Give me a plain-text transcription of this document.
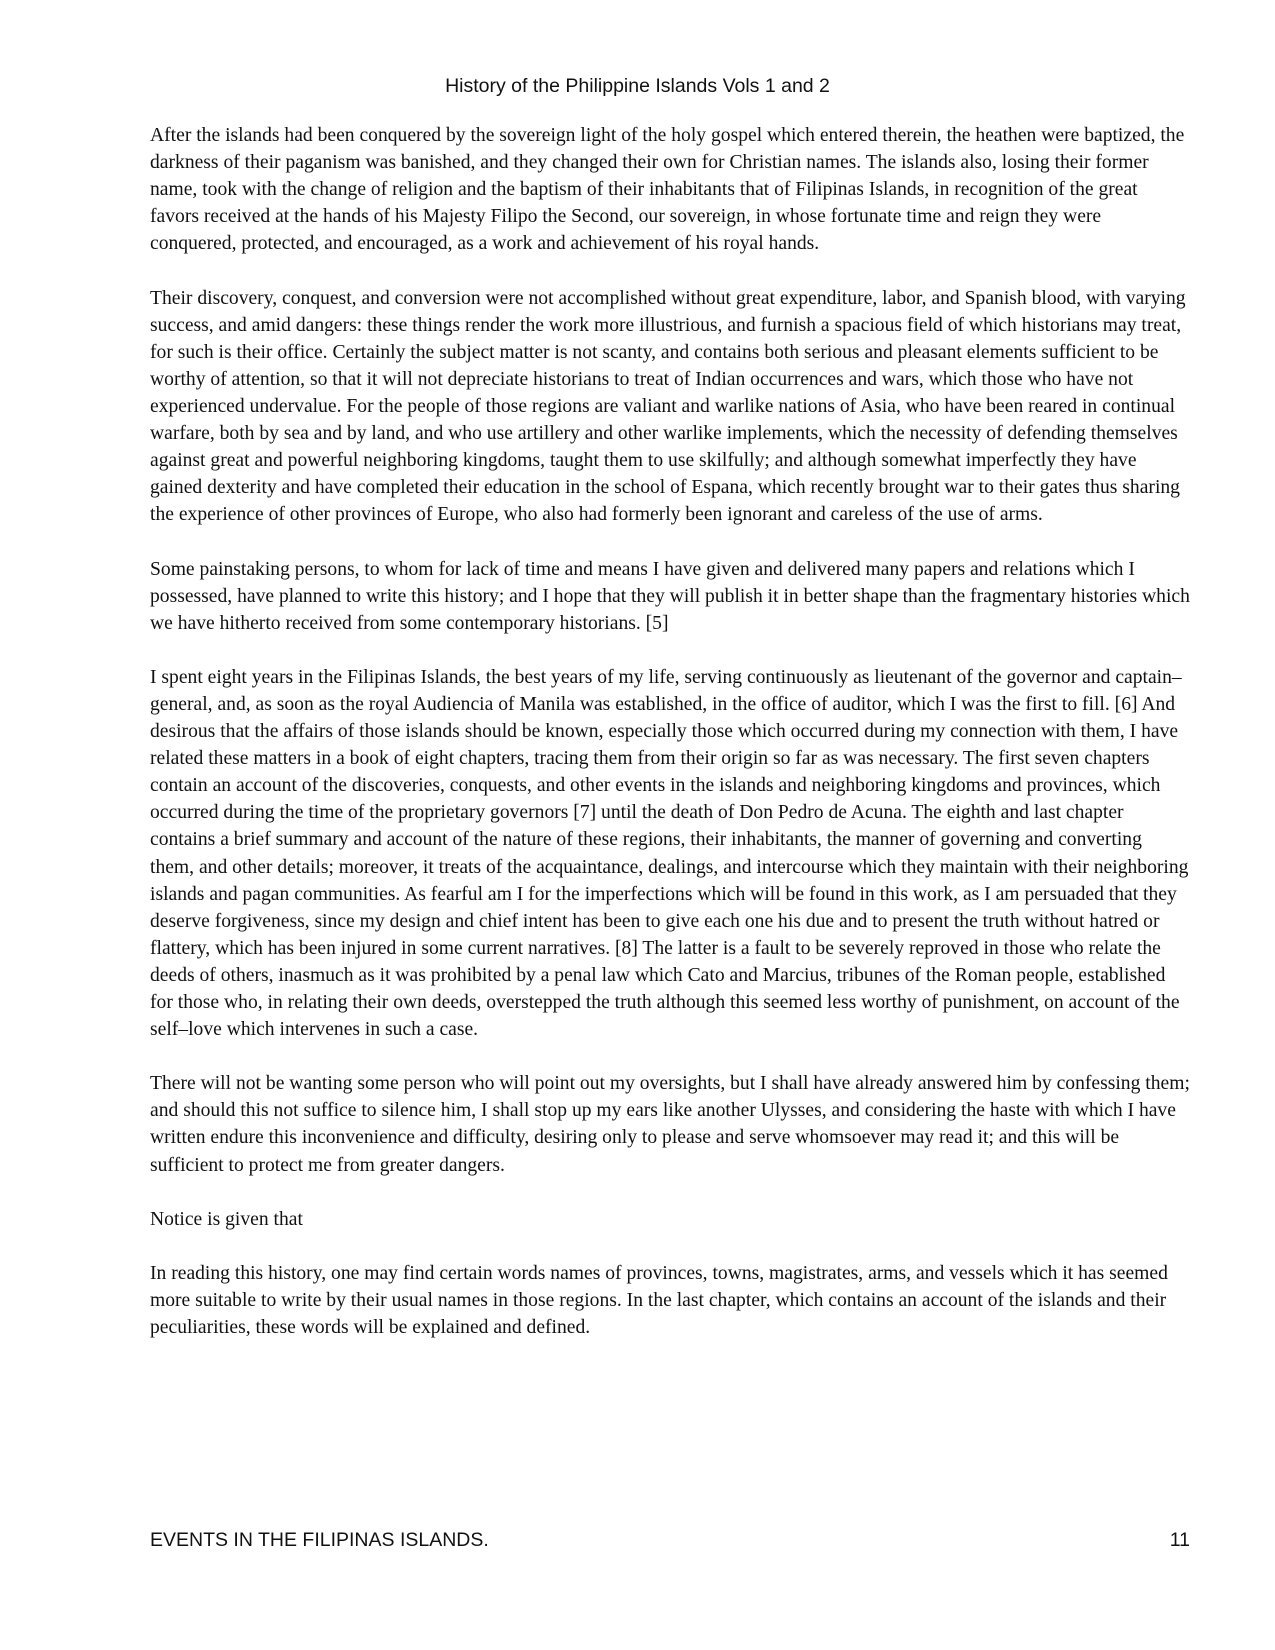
History of the Philippine Islands Vols 1 and 2

After the islands had been conquered by the sovereign light of the holy gospel which entered therein, the heathen were baptized, the darkness of their paganism was banished, and they changed their own for Christian names. The islands also, losing their former name, took with the change of religion and the baptism of their inhabitants that of Filipinas Islands, in recognition of the great favors received at the hands of his Majesty Filipo the Second, our sovereign, in whose fortunate time and reign they were conquered, protected, and encouraged, as a work and achievement of his royal hands.

Their discovery, conquest, and conversion were not accomplished without great expenditure, labor, and Spanish blood, with varying success, and amid dangers: these things render the work more illustrious, and furnish a spacious field of which historians may treat, for such is their office. Certainly the subject matter is not scanty, and contains both serious and pleasant elements sufficient to be worthy of attention, so that it will not depreciate historians to treat of Indian occurrences and wars, which those who have not experienced undervalue. For the people of those regions are valiant and warlike nations of Asia, who have been reared in continual warfare, both by sea and by land, and who use artillery and other warlike implements, which the necessity of defending themselves against great and powerful neighboring kingdoms, taught them to use skilfully; and although somewhat imperfectly they have gained dexterity and have completed their education in the school of Espana, which recently brought war to their gates thus sharing the experience of other provinces of Europe, who also had formerly been ignorant and careless of the use of arms.

Some painstaking persons, to whom for lack of time and means I have given and delivered many papers and relations which I possessed, have planned to write this history; and I hope that they will publish it in better shape than the fragmentary histories which we have hitherto received from some contemporary historians. [5]

I spent eight years in the Filipinas Islands, the best years of my life, serving continuously as lieutenant of the governor and captain–general, and, as soon as the royal Audiencia of Manila was established, in the office of auditor, which I was the first to fill. [6] And desirous that the affairs of those islands should be known, especially those which occurred during my connection with them, I have related these matters in a book of eight chapters, tracing them from their origin so far as was necessary. The first seven chapters contain an account of the discoveries, conquests, and other events in the islands and neighboring kingdoms and provinces, which occurred during the time of the proprietary governors [7] until the death of Don Pedro de Acuna. The eighth and last chapter contains a brief summary and account of the nature of these regions, their inhabitants, the manner of governing and converting them, and other details; moreover, it treats of the acquaintance, dealings, and intercourse which they maintain with their neighboring islands and pagan communities. As fearful am I for the imperfections which will be found in this work, as I am persuaded that they deserve forgiveness, since my design and chief intent has been to give each one his due and to present the truth without hatred or flattery, which has been injured in some current narratives. [8] The latter is a fault to be severely reproved in those who relate the deeds of others, inasmuch as it was prohibited by a penal law which Cato and Marcius, tribunes of the Roman people, established for those who, in relating their own deeds, overstepped the truth although this seemed less worthy of punishment, on account of the self–love which intervenes in such a case.

There will not be wanting some person who will point out my oversights, but I shall have already answered him by confessing them; and should this not suffice to silence him, I shall stop up my ears like another Ulysses, and considering the haste with which I have written endure this inconvenience and difficulty, desiring only to please and serve whomsoever may read it; and this will be sufficient to protect me from greater dangers.

Notice is given that

In reading this history, one may find certain words names of provinces, towns, magistrates, arms, and vessels which it has seemed more suitable to write by their usual names in those regions. In the last chapter, which contains an account of the islands and their peculiarities, these words will be explained and defined.

EVENTS IN THE FILIPINAS ISLANDS.	11
